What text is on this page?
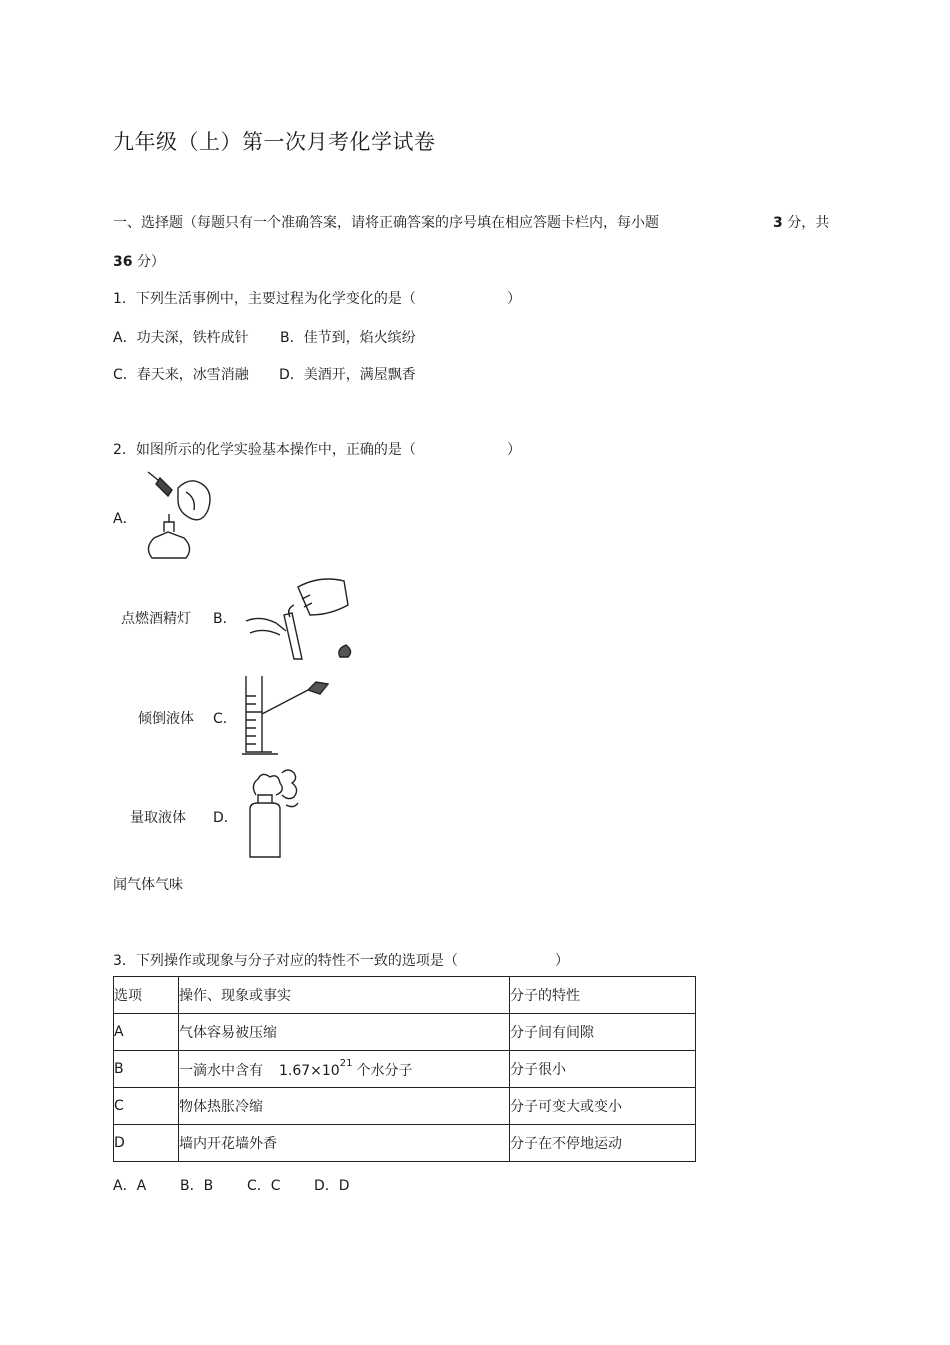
九年级（上）第一次月考化学试卷
一、选择题（每题只有一个准确答案，请将正确答案的序号填在相应答题卡栏内，每小题	3 分，共
36 分）
1．下列生活事例中，主要过程为化学变化的是（	）
A．功夫深，铁杵成针 B．佳节到，焰火缤纷
C．春天来，冰雪消融 D．美酒开，满屋飘香
2．如图所示的化学实验基本操作中，正确的是（	）
A．
点燃酒精灯 B．
倾倒液体 C．
量取液体 D．
闻气体气味
3．下列操作或现象与分子对应的特性不一致的选项是（	）
选项	操作、现象或事实	分子的特性
A	气体容易被压缩	分子间有间隙
B	一滴水中含有 $1.67\times 10^{21}$ 个水分子	分子很小
C	物体热胀冷缩	分子可变大或变小
D	墙内开花墙外香	分子在不停地运动
A．A B．B C．C D．D
